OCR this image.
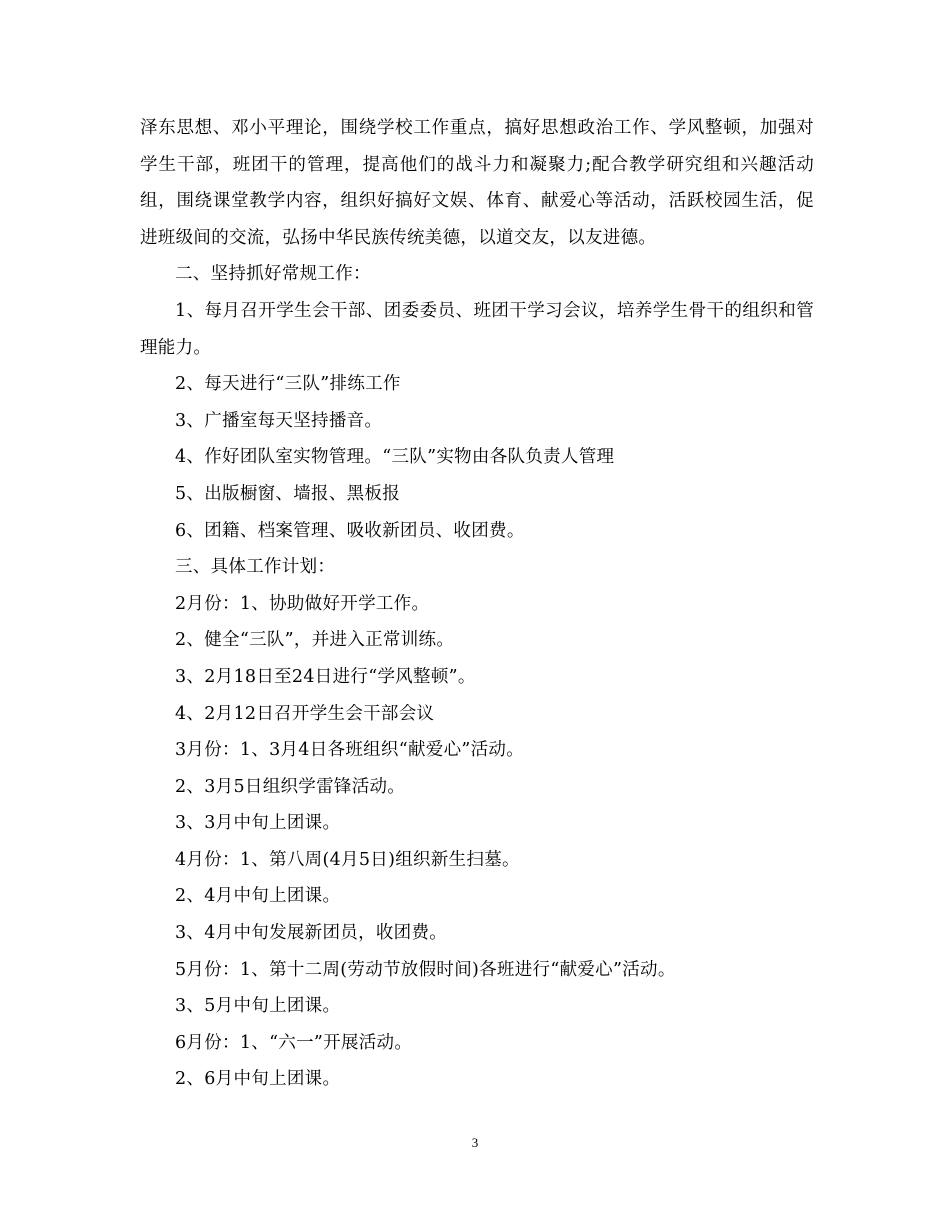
泽东思想、邓小平理论，围绕学校工作重点，搞好思想政治工作、学风整顿，加强对学生干部，班团干的管理，提高他们的战斗力和凝聚力;配合教学研究组和兴趣活动组，围绕课堂教学内容，组织好搞好文娱、体育、献爱心等活动，活跃校园生活，促进班级间的交流，弘扬中华民族传统美德，以道交友，以友进德。

二、坚持抓好常规工作：

1、每月召开学生会干部、团委委员、班团干学习会议，培养学生骨干的组织和管理能力。

2、每天进行“三队”排练工作

3、广播室每天坚持播音。

4、作好团队室实物管理。“三队”实物由各队负责人管理

5、出版橱窗、墙报、黑板报

6、团籍、档案管理、吸收新团员、收团费。

三、具体工作计划：

2月份：1、协助做好开学工作。

2、健全“三队”，并进入正常训练。

3、2月18日至24日进行“学风整顿”。

4、2月12日召开学生会干部会议

3月份：1、3月4日各班组织“献爱心”活动。

2、3月5日组织学雷锋活动。

3、3月中旬上团课。

4月份：1、第八周(4月5日)组织新生扫墓。

2、4月中旬上团课。

3、4月中旬发展新团员，收团费。

5月份：1、第十二周(劳动节放假时间)各班进行“献爱心”活动。

3、5月中旬上团课。

6月份：1、“六一”开展活动。

2、6月中旬上团课。

3
